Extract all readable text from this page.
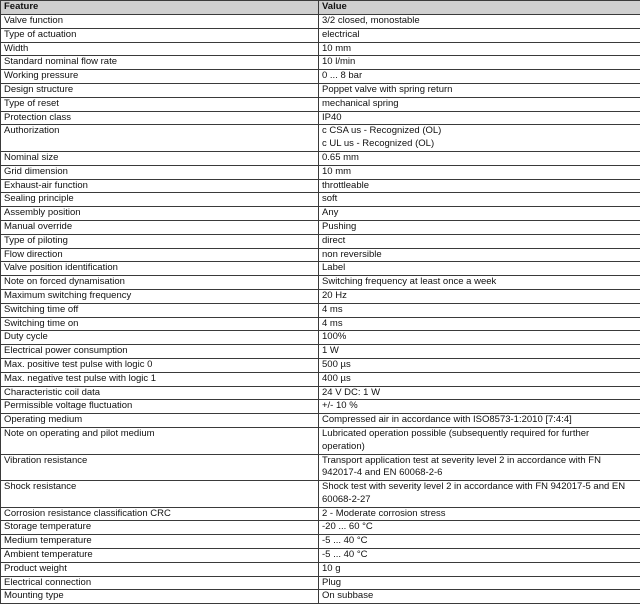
Feature	Value
Valve function	3/2 closed, monostable

Type of actuation	electrical

Width	10 mm

Standard nominal flow rate	10 l/min

Working pressure	0 ... 8 bar

Design structure	Poppet valve with spring return

Type of reset	mechanical spring

Protection class	IP40

Authorization	c CSA us - Recognized (OL)
c UL us - Recognized (OL)

Nominal size	0.65 mm

Grid dimension	10 mm

Exhaust-air function	throttleable

Sealing principle	soft

Assembly position	Any

Manual override	Pushing

Type of piloting	direct

Flow direction	non reversible

Valve position identification	Label

Note on forced dynamisation	Switching frequency at least once a week

Maximum switching frequency	20 Hz

Switching time off	4 ms

Switching time on	4 ms

Duty cycle	100%

Electrical power consumption	1 W

Max. positive test pulse with logic 0	500 µs

Max. negative test pulse with logic 1	400 µs

Characteristic coil data	24 V DC: 1 W

Permissible voltage fluctuation	+/- 10 %

Operating medium	Compressed air in accordance with ISO8573-1:2010 [7:4:4]

Note on operating and pilot medium	Lubricated operation possible (subsequently required for further
operation)

Vibration resistance	Transport application test at severity level 2 in accordance with FN
942017-4 and EN 60068-2-6

Shock resistance	Shock test with severity level 2 in accordance with FN 942017-5 and EN
60068-2-27

Corrosion resistance classification CRC	2 - Moderate corrosion stress

Storage temperature	-20 ... 60 °C

Medium temperature	-5 ... 40 °C

Ambient temperature	-5 ... 40 °C

Product weight	10 g

Electrical connection	Plug

Mounting type	On subbase
